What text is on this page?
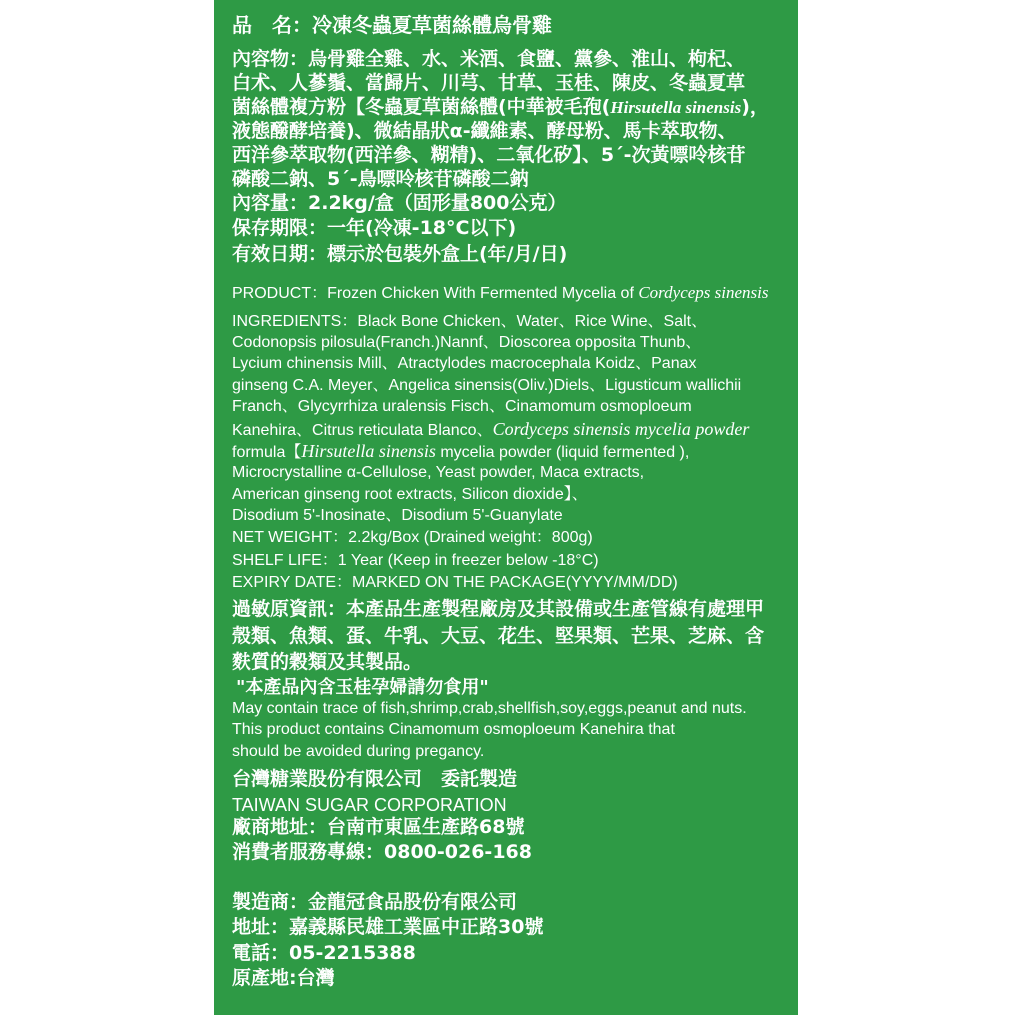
品　名：冷凍冬蟲夏草菌絲體烏骨雞
內容物：烏骨雞全雞、水、米酒、食鹽、黨參、淮山、枸杞、
白术、人蔘鬚、當歸片、川芎、甘草、玉桂、陳皮、冬蟲夏草
菌絲體複方粉【冬蟲夏草菌絲體(中華被毛孢(Hirsutella sinensis)，
液態醱酵培養)、微結晶狀α-纖維素、酵母粉、馬卡萃取物、
西洋參萃取物(西洋參、糊精)、二氧化矽】、5´-次黃嘌呤核苷
磷酸二鈉、5´-鳥嘌呤核苷磷酸二鈉
內容量：2.2kg/盒（固形量800公克）
保存期限：一年(冷凍-18°C以下)
有效日期：標示於包裝外盒上(年/月/日)
PRODUCT：Frozen Chicken With Fermented Mycelia of Cordyceps sinensis
INGREDIENTS：Black Bone Chicken、Water、Rice Wine、Salt、
Codonopsis pilosula(Franch.)Nannf、Dioscorea opposita Thunb、
Lycium chinensis Mill、Atractylodes macrocephala Koidz、Panax
ginseng C.A. Meyer、Angelica sinensis(Oliv.)Diels、Ligusticum wallichii
Franch、Glycyrrhiza uralensis Fisch、Cinamomum osmoploeum
Kanehira、Citrus reticulata Blanco、Cordyceps sinensis mycelia powder
formula【Hirsutella sinensis mycelia powder (liquid fermented ),
Microcrystalline α-Cellulose, Yeast powder, Maca extracts,
American ginseng root extracts, Silicon dioxide】、
Disodium 5'-Inosinate、Disodium 5'-Guanylate
NET WEIGHT：2.2kg/Box (Drained weight：800g)
SHELF LIFE：1 Year (Keep in freezer below -18°C)
EXPIRY DATE：MARKED ON THE PACKAGE(YYYY/MM/DD)
過敏原資訊：本產品生產製程廠房及其設備或生產管線有處理甲
殼類、魚類、蛋、牛乳、大豆、花生、堅果類、芒果、芝麻、含
麩質的穀類及其製品。
"本產品內含玉桂孕婦請勿食用"
May contain trace of fish,shrimp,crab,shellfish,soy,eggs,peanut and nuts.
This product contains Cinamomum osmoploeum Kanehira that
should be avoided during pregancy.
台灣糖業股份有限公司　委託製造
TAIWAN SUGAR CORPORATION
廠商地址：台南市東區生產路68號
消費者服務專線：0800-026-168
製造商：金龍冠食品股份有限公司
地址：嘉義縣民雄工業區中正路30號
電話：05-2215388
原產地:台灣
